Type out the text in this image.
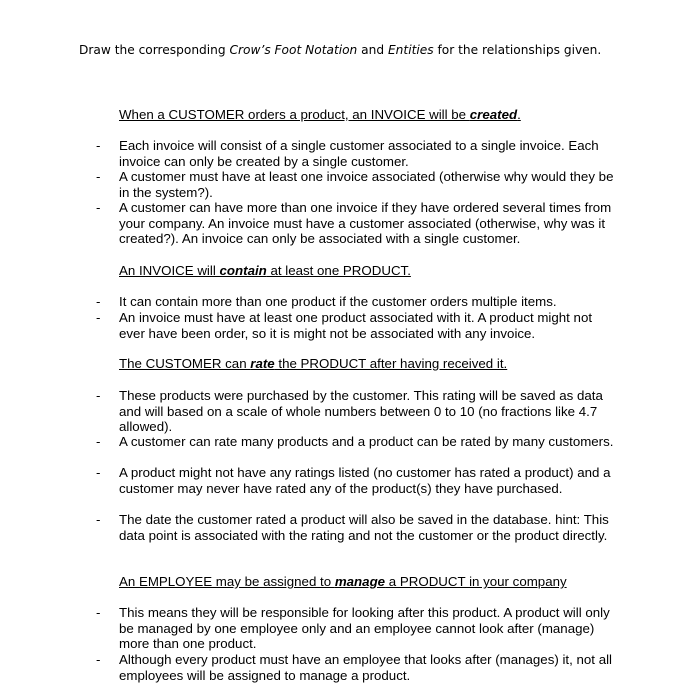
Draw the corresponding Crow’s Foot Notation and Entities for the relationships given.
When a CUSTOMER orders a product, an INVOICE will be created.
- Each invoice will consist of a single customer associated to a single invoice. Each invoice can only be created by a single customer.
- A customer must have at least one invoice associated (otherwise why would they be in the system?).
- A customer can have more than one invoice if they have ordered several times from your company. An invoice must have a customer associated (otherwise, why was it created?). An invoice can only be associated with a single customer.
An INVOICE will contain at least one PRODUCT.
- It can contain more than one product if the customer orders multiple items.
- An invoice must have at least one product associated with it. A product might not ever have been order, so it is might not be associated with any invoice.
The CUSTOMER can rate the PRODUCT after having received it.
- These products were purchased by the customer. This rating will be saved as data and will based on a scale of whole numbers between 0 to 10 (no fractions like 4.7 allowed).
- A customer can rate many products and a product can be rated by many customers.
- A product might not have any ratings listed (no customer has rated a product) and a customer may never have rated any of the product(s) they have purchased.
- The date the customer rated a product will also be saved in the database. hint: This data point is associated with the rating and not the customer or the product directly.
An EMPLOYEE may be assigned to manage a PRODUCT in your company
- This means they will be responsible for looking after this product. A product will only be managed by one employee only and an employee cannot look after (manage) more than one product.
- Although every product must have an employee that looks after (manages) it, not all employees will be assigned to manage a product.
